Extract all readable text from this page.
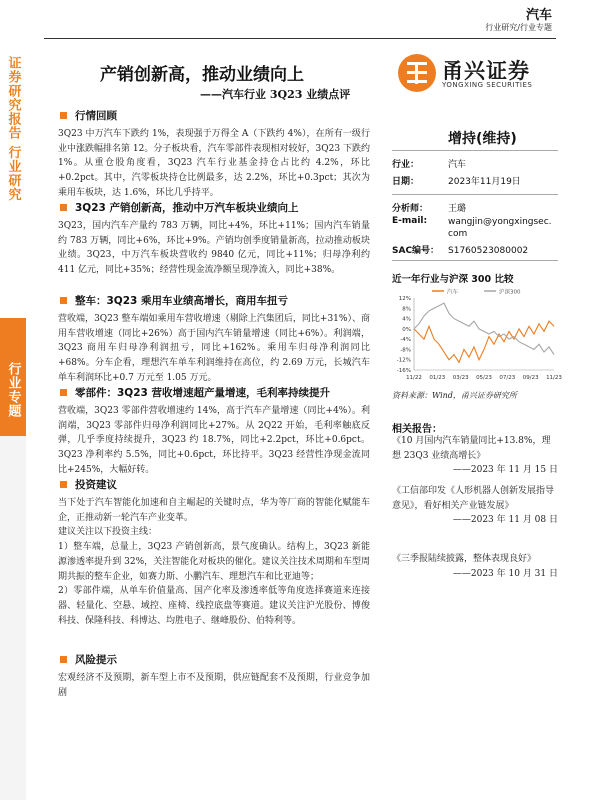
汽车
行业研究/行业专题
证券研究报告 行业研究
行业专题
产销创新高，推动业绩向上
——汽车行业 3Q23 业绩点评
甬兴证券
YONGXING SECURITIES
行情回顾
3Q23 中万汽车下跌约 1%，表现强于万得全 A（下跌约 4%），在所有一级行业中涨跌幅排名第 12。分子板块看，汽车零部件表现相对较好，3Q23 下跌约 1%。从重仓股角度看，3Q23 汽车行业基金持仓占比约 4.2%，环比+0.2pct。其中，汽零板块持仓比例最多，达 2.2%，环比+0.3pct；其次为乘用车板块，达 1.6%，环比几乎持平。
3Q23 产销创新高，推动中万汽车板块业绩向上
3Q23，国内汽车产量约 783 万辆，同比+4%，环比+11%；国内汽车销量约 783 万辆，同比+6%，环比+9%。产销均创季度销量新高，拉动推动板块业绩。3Q23，中万汽车板块营收约 9840 亿元，同比+11%；归母净利约 411 亿元，同比+35%；经营性现金流净额呈现净流入，同比+38%。
整车：3Q23 乘用车业绩高增长，商用车扭亏
营收端，3Q23 整车端如乘用车营收增速（剔除上汽集团后，同比+31%）、商用车营收增速（同比+26%）高于国内汽车销量增速（同比+6%）。利润端，3Q23 商用车归母净利润扭亏，同比+162%。乘用车归母净利润同比+68%。分车企看，理想汽车单车利润维持在高位，约 2.69 万元，长城汽车单车利润环比+0.7 万元至 1.05 万元。
零部件：3Q23 营收增速超产量增速，毛利率持续提升
营收端，3Q23 零部件营收增速约 14%，高于汽车产量增速（同比+4%）。利润端，3Q23 零部件归母净利润同比+27%。从 2Q22 开始，毛利率触底反弹，几乎季度持续提升，3Q23 约 18.7%，同比+2.2pct，环比+0.6pct。3Q23 净利率约 5.5%，同比+0.6pct，环比持平。3Q23 经营性净现金流同比+245%，大幅好转。
投资建议
当下处于汽车智能化加速和自主崛起的关键时点，华为等厂商的智能化赋能车企，正推动新一轮汽车产业变革。
建议关注以下投资主线：
1）整车端，总量上，3Q23 产销创新高，景气度确认。结构上，3Q23 新能源渗透率提升到 32%，关注智能化对板块的催化。建议关注技术周期和车型周期共振的整车企业，如赛力斯、小鹏汽车、理想汽车和比亚迪等；
2）零部件端，从单车价值量高、国产化率及渗透率低等角度选择赛道来连接器、轻量化、空悬、域控、座椅、线控底盘等赛道。建议关注沪光股份、博俊科技、保隆科技、科博达、均胜电子、继峰股份、伯特利等。
风险提示
宏观经济不及预期，新车型上市不及预期，供应链配套不及预期，行业竞争加剧
增持(维持)
行业：	汽车
日期：	2023年11月19日
分析师： 王璐
E-mail: wangjin@yongxingsec.com
SAC编号： S1760523080002
近一年行业与沪深 300 比较
汽车	沪深300
12%
8%
4%
0%
-4%
-8%
-12%
-16%
11/22 01/23 03/23 05/23 07/23 09/23 11/23
资料来源：Wind，甬兴证券研究所
相关报告：
《10 月国内汽车销量同比+13.8%，理想 23Q3 业绩高增长》
——2023 年 11 月 15 日
《工信部印发《人形机器人创新发展指导意见》，看好相关产业链发展》
——2023 年 11 月 08 日
《三季报陆续披露，整体表现良好》
——2023 年 10 月 31 日
